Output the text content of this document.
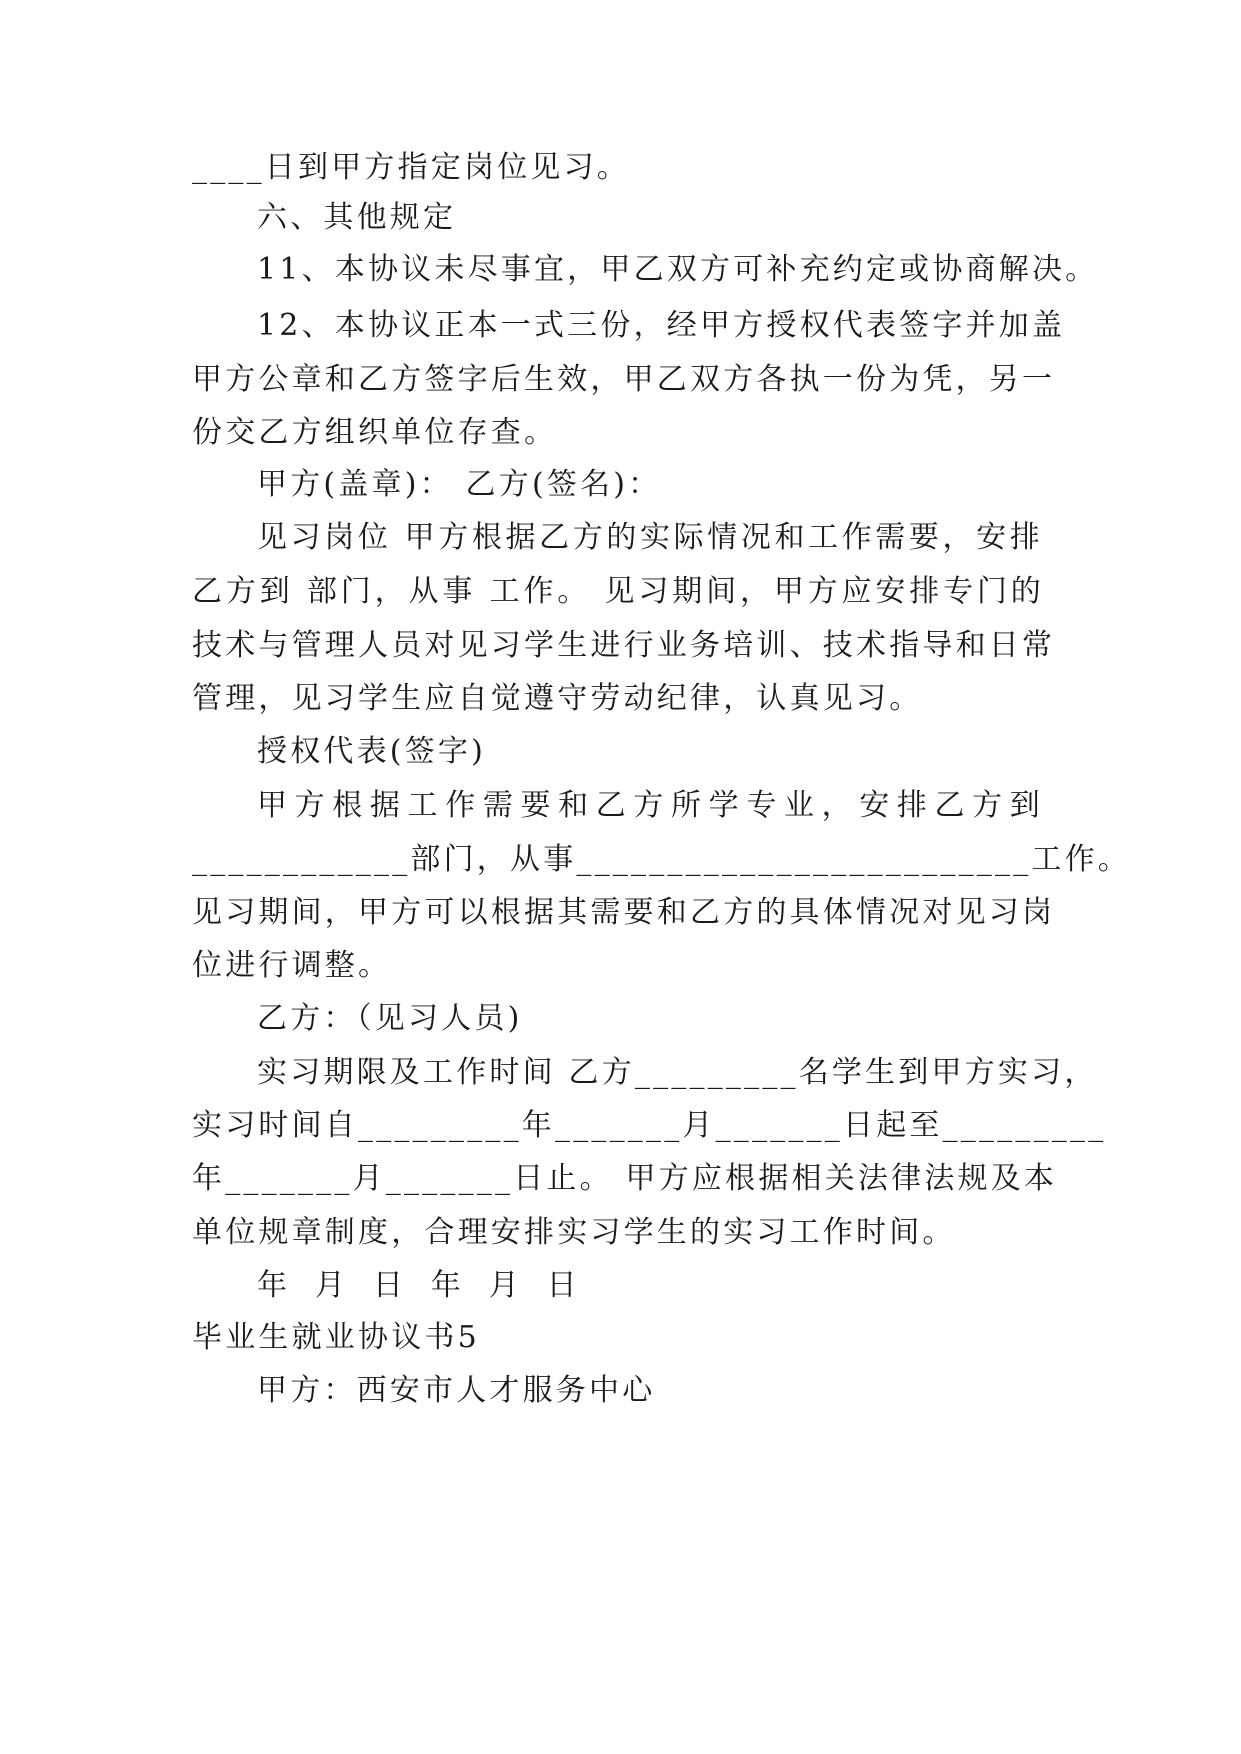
____日到甲方指定岗位见习。
六、其他规定
11、本协议未尽事宜，甲乙双方可补充约定或协商解决。
12、本协议正本一式三份，经甲方授权代表签字并加盖
甲方公章和乙方签字后生效，甲乙双方各执一份为凭，另一
份交乙方组织单位存查。
甲方(盖章)： 乙方(签名)：
见习岗位 甲方根据乙方的实际情况和工作需要，安排
乙方到 部门，从事 工作。 见习期间，甲方应安排专门的
技术与管理人员对见习学生进行业务培训、技术指导和日常
管理，见习学生应自觉遵守劳动纪律，认真见习。
授权代表(签字)
甲方根据工作需要和乙方所学专业，安排乙方到
____________部门，从事_________________________工作。
见习期间，甲方可以根据其需要和乙方的具体情况对见习岗
位进行调整。
乙方：（见习人员)
实习期限及工作时间 乙方_________名学生到甲方实习，
实习时间自_________年_______月_______日起至_________
年_______月_______日止。 甲方应根据相关法律法规及本
单位规章制度，合理安排实习学生的实习工作时间。
年 月 日 年 月 日
毕业生就业协议书5
甲方：西安市人才服务中心
